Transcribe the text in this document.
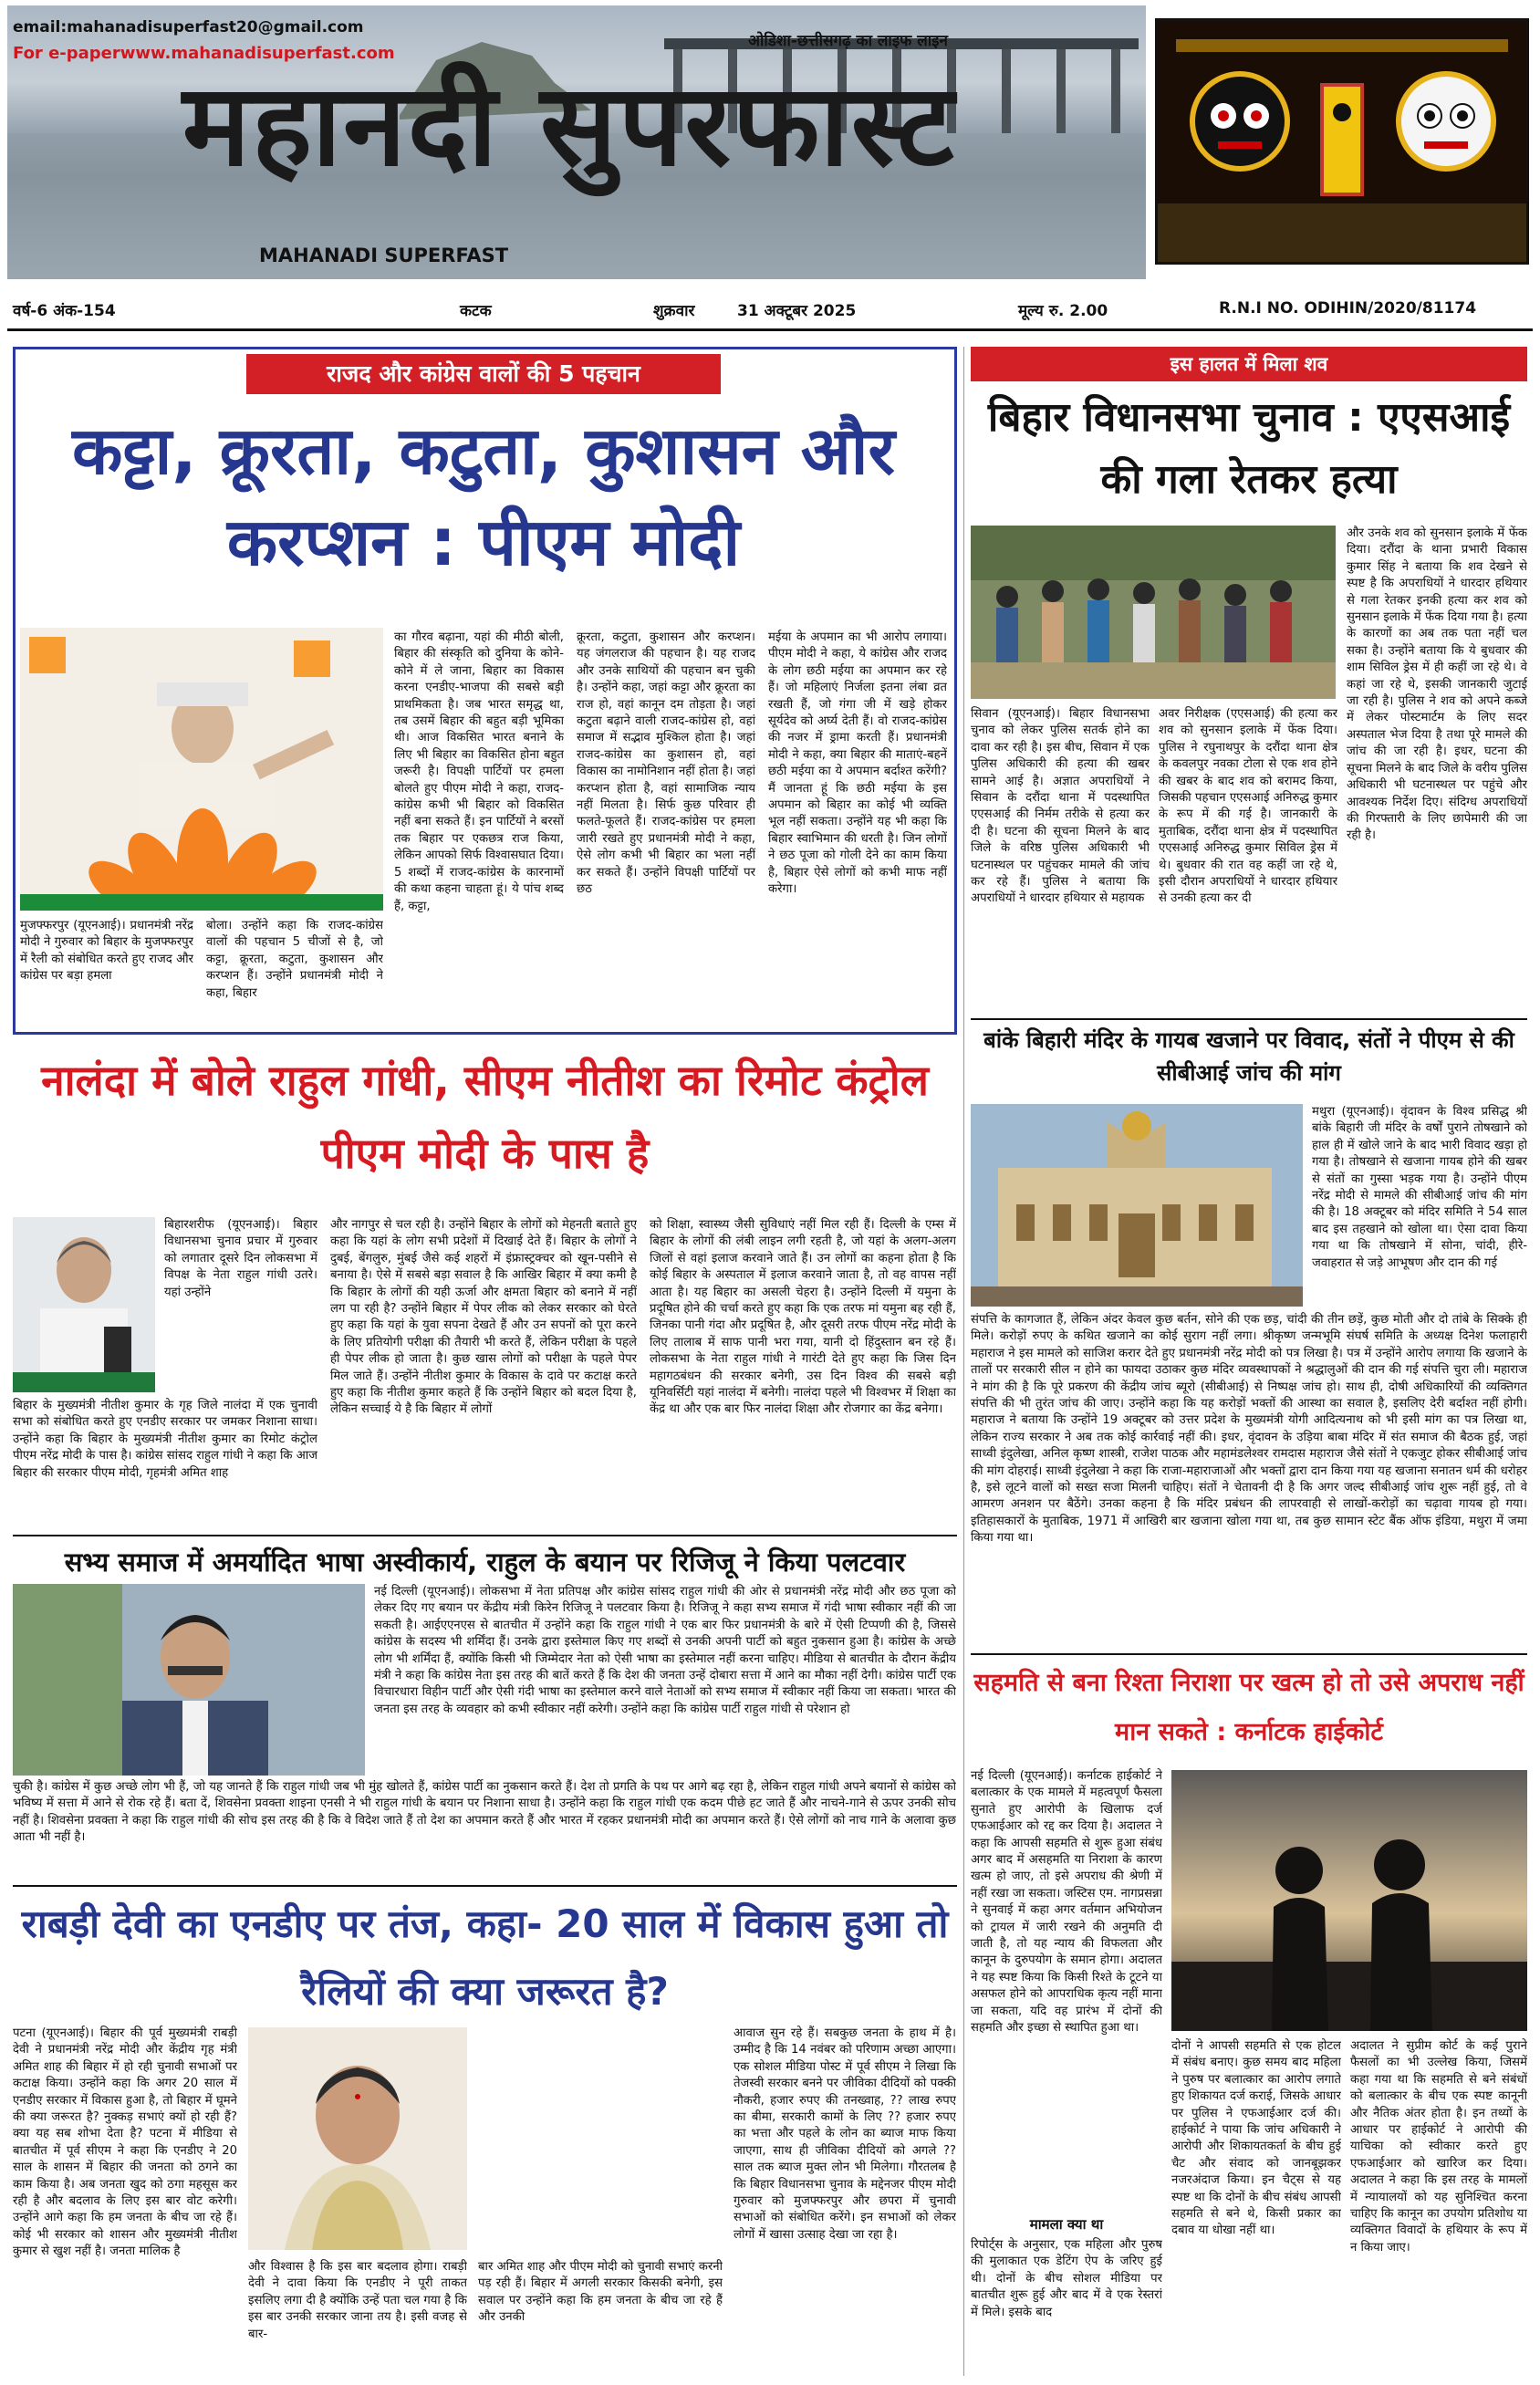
email:mahanadisuperfast20@gmail.com
For e-paperwww.mahanadisuperfast.com
ओडिशा-छत्तीसगढ़ का लाइफ लाइन
महानदी सुपरफास्ट
MAHANADI SUPERFAST
वर्ष-6 अंक-154	कटक	शुक्रवार	31 अक्टूबर 2025	मूल्य रु. 2.00	R.N.I NO. ODIHIN/2020/81174
राजद और कांग्रेस वालों की 5 पहचान
कट्टा, क्रूरता, कटुता, कुशासन और करप्शन : पीएम मोदी
मुजफ्फरपुर (यूएनआई)। प्रधानमंत्री नरेंद्र मोदी ने गुरुवार को बिहार के मुजफ्फरपुर में रैली को संबोधित करते हुए राजद और कांग्रेस पर बड़ा हमला
बोला। उन्होंने कहा कि राजद-कांग्रेस वालों की पहचान 5 चीजों से है, जो कट्टा, क्रूरता, कटुता, कुशासन और करप्शन हैं। उन्होंने प्रधानमंत्री मोदी ने कहा, बिहार
का गौरव बढ़ाना, यहां की मीठी बोली, बिहार की संस्कृति को दुनिया के कोने-कोने में ले जाना, बिहार का विकास करना एनडीए-भाजपा की सबसे बड़ी प्राथमिकता है। जब भारत समृद्ध था, तब उसमें बिहार की बहुत बड़ी भूमिका थी। आज विकसित भारत बनाने के लिए भी बिहार का विकसित होना बहुत जरूरी है। विपक्षी पार्टियों पर हमला बोलते हुए पीएम मोदी ने कहा, राजद-कांग्रेस कभी भी बिहार को विकसित नहीं बना सकते हैं। इन पार्टियों ने बरसों तक बिहार पर एकछत्र राज किया, लेकिन आपको सिर्फ विश्वासघात दिया। 5 शब्दों में राजद-कांग्रेस के कारनामों की कथा कहना चाहता हूं। ये पांच शब्द हैं, कट्टा,
क्रूरता, कटुता, कुशासन और करप्शन। यह जंगलराज की पहचान है। यह राजद और उनके साथियों की पहचान बन चुकी है। उन्होंने कहा, जहां कट्टा और क्रूरता का राज हो, वहां कानून दम तोड़ता है। जहां कटुता बढ़ाने वाली राजद-कांग्रेस हो, वहां समाज में सद्भाव मुश्किल होता है। जहां राजद-कांग्रेस का कुशासन हो, वहां विकास का नामोनिशान नहीं होता है। जहां करप्शन होता है, वहां सामाजिक न्याय नहीं मिलता है। सिर्फ कुछ परिवार ही फलते-फूलते हैं। राजद-कांग्रेस पर हमला जारी रखते हुए प्रधानमंत्री मोदी ने कहा, ऐसे लोग कभी भी बिहार का भला नहीं कर सकते हैं। उन्होंने विपक्षी पार्टियों पर छठ
मईया के अपमान का भी आरोप लगाया। पीएम मोदी ने कहा, ये कांग्रेस और राजद के लोग छठी मईया का अपमान कर रहे हैं। जो महिलाएं निर्जला इतना लंबा व्रत रखती हैं, जो गंगा जी में खड़े होकर सूर्यदेव को अर्घ्य देती हैं। वो राजद-कांग्रेस की नजर में ड्रामा करती हैं। प्रधानमंत्री मोदी ने कहा, क्या बिहार की माताएं-बहनें छठी मईया का ये अपमान बर्दाश्त करेंगी? मैं जानता हूं कि छठी मईया के इस अपमान को बिहार का कोई भी व्यक्ति भूल नहीं सकता। उन्होंने यह भी कहा कि बिहार स्वाभिमान की धरती है। जिन लोगों ने छठ पूजा को गोली देने का काम किया है, बिहार ऐसे लोगों को कभी माफ नहीं करेगा।
इस हालत में मिला शव
बिहार विधानसभा चुनाव : एएसआई की गला रेतकर हत्या
और उनके शव को सुनसान इलाके में फेंक दिया। दरौंदा के थाना प्रभारी विकास कुमार सिंह ने बताया कि शव देखने से स्पष्ट है कि अपराधियों ने धारदार हथियार से गला रेतकर इनकी हत्या कर शव को सुनसान इलाके में फेंक दिया गया है। हत्या के कारणों का अब तक पता नहीं चल सका है। उन्होंने बताया कि ये बुधवार की शाम सिविल ड्रेस में ही कहीं जा रहे थे। वे कहां जा रहे थे, इसकी जानकारी जुटाई जा रही है। पुलिस ने शव को अपने कब्जे में लेकर पोस्टमार्टम के लिए सदर अस्पताल भेज दिया है तथा पूरे मामले की जांच की जा रही है। इधर, घटना की सूचना मिलने के बाद जिले के वरीय पुलिस अधिकारी भी घटनास्थल पर पहुंचे और आवश्यक निर्देश दिए। संदिग्ध अपराधियों की गिरफ्तारी के लिए छापेमारी की जा रही है।
सिवान (यूएनआई)। बिहार विधानसभा चुनाव को लेकर पुलिस सतर्क होने का दावा कर रही है। इस बीच, सिवान में एक पुलिस अधिकारी की हत्या की खबर सामने आई है। अज्ञात अपराधियों ने सिवान के दरौंदा थाना में पदस्थापित एएसआई की निर्मम तरीके से हत्या कर दी है। घटना की सूचना मिलने के बाद जिले के वरिष्ठ पुलिस अधिकारी भी घटनास्थल पर पहुंचकर मामले की जांच कर रहे हैं। पुलिस ने बताया कि अपराधियों ने धारदार हथियार से महायक
अवर निरीक्षक (एएसआई) की हत्या कर शव को सुनसान इलाके में फेंक दिया। पुलिस ने रघुनाथपुर के दरौंदा थाना क्षेत्र के कवलपुर नवका टोला से एक शव होने की खबर के बाद शव को बरामद किया, जिसकी पहचान एएसआई अनिरुद्ध कुमार के रूप में की गई है। जानकारी के मुताबिक, दरौंदा थाना क्षेत्र में पदस्थापित एएसआई अनिरुद्ध कुमार सिविल ड्रेस में थे। बुधवार की रात वह कहीं जा रहे थे, इसी दौरान अपराधियों ने धारदार हथियार से उनकी हत्या कर दी
नालंदा में बोले राहुल गांधी, सीएम नीतीश का रिमोट कंट्रोल पीएम मोदी के पास है
बिहारशरीफ (यूएनआई)। बिहार विधानसभा चुनाव प्रचार में गुरुवार को लगातार दूसरे दिन लोकसभा में विपक्ष के नेता राहुल गांधी उतरे। यहां उन्होंने
बिहार के मुख्यमंत्री नीतीश कुमार के गृह जिले नालंदा में एक चुनावी सभा को संबोधित करते हुए एनडीए सरकार पर जमकर निशाना साधा। उन्होंने कहा कि बिहार के मुख्यमंत्री नीतीश कुमार का रिमोट कंट्रोल पीएम नरेंद्र मोदी के पास है। कांग्रेस सांसद राहुल गांधी ने कहा कि आज बिहार की सरकार पीएम मोदी, गृहमंत्री अमित शाह
और नागपुर से चल रही है। उन्होंने बिहार के लोगों को मेहनती बताते हुए कहा कि यहां के लोग सभी प्रदेशों में दिखाई देते हैं। बिहार के लोगों ने दुबई, बेंगलुरु, मुंबई जैसे कई शहरों में इंफ्रास्ट्रक्चर को खून-पसीने से बनाया है। ऐसे में सबसे बड़ा सवाल है कि आखिर बिहार में क्या कमी है कि बिहार के लोगों की यही ऊर्जा और क्षमता बिहार को बनाने में नहीं लग पा रही है? उन्होंने बिहार में पेपर लीक को लेकर सरकार को घेरते हुए कहा कि यहां के युवा सपना देखते हैं और उन सपनों को पूरा करने के लिए प्रतियोगी परीक्षा की तैयारी भी करते हैं, लेकिन परीक्षा के पहले ही पेपर लीक हो जाता है। कुछ खास लोगों को परीक्षा के पहले पेपर मिल जाते हैं। उन्होंने नीतीश कुमार के विकास के दावे पर कटाक्ष करते हुए कहा कि नीतीश कुमार कहते हैं कि उन्होंने बिहार को बदल दिया है, लेकिन सच्चाई ये है कि बिहार में लोगों
को शिक्षा, स्वास्थ्य जैसी सुविधाएं नहीं मिल रही हैं। दिल्ली के एम्स में बिहार के लोगों की लंबी लाइन लगी रहती है, जो यहां के अलग-अलग जिलों से वहां इलाज करवाने जाते हैं। उन लोगों का कहना होता है कि कोई बिहार के अस्पताल में इलाज करवाने जाता है, तो वह वापस नहीं आता है। यह बिहार का असली चेहरा है। उन्होंने दिल्ली में यमुना के प्रदूषित होने की चर्चा करते हुए कहा कि एक तरफ मां यमुना बह रही हैं, जिनका पानी गंदा और प्रदूषित है, और दूसरी तरफ पीएम नरेंद्र मोदी के लिए तालाब में साफ पानी भरा गया, यानी दो हिंदुस्तान बन रहे हैं। लोकसभा के नेता राहुल गांधी ने गारंटी देते हुए कहा कि जिस दिन महागठबंधन की सरकार बनेगी, उस दिन विश्व की सबसे बड़ी यूनिवर्सिटी यहां नालंदा में बनेगी। नालंदा पहले भी विश्वभर में शिक्षा का केंद्र था और एक बार फिर नालंदा शिक्षा और रोजगार का केंद्र बनेगा।
सभ्य समाज में अमर्यादित भाषा अस्वीकार्य, राहुल के बयान पर रिजिजू ने किया पलटवार
नई दिल्ली (यूएनआई)। लोकसभा में नेता प्रतिपक्ष और कांग्रेस सांसद राहुल गांधी की ओर से प्रधानमंत्री नरेंद्र मोदी और छठ पूजा को लेकर दिए गए बयान पर केंद्रीय मंत्री किरेन रिजिजू ने पलटवार किया है। रिजिजू ने कहा सभ्य समाज में गंदी भाषा स्वीकार नहीं की जा सकती है। आईएएनएस से बातचीत में उन्होंने कहा कि राहुल गांधी ने एक बार फिर प्रधानमंत्री के बारे में ऐसी टिप्पणी की है, जिससे कांग्रेस के सदस्य भी शर्मिंदा हैं। उनके द्वारा इस्तेमाल किए गए शब्दों से उनकी अपनी पार्टी को बहुत नुकसान हुआ है। कांग्रेस के अच्छे लोग भी शर्मिंदा हैं, क्योंकि किसी भी जिम्मेदार नेता को ऐसी भाषा का इस्तेमाल नहीं करना चाहिए। मीडिया से बातचीत के दौरान केंद्रीय मंत्री ने कहा कि कांग्रेस नेता इस तरह की बातें करते हैं कि देश की जनता उन्हें दोबारा सत्ता में आने का मौका नहीं देगी। कांग्रेस पार्टी एक विचारधारा विहीन पार्टी और ऐसी गंदी भाषा का इस्तेमाल करने वाले नेताओं को सभ्य समाज में स्वीकार नहीं किया जा सकता। भारत की जनता इस तरह के व्यवहार को कभी स्वीकार नहीं करेगी। उन्होंने कहा कि कांग्रेस पार्टी राहुल गांधी से परेशान हो
चुकी है। कांग्रेस में कुछ अच्छे लोग भी हैं, जो यह जानते हैं कि राहुल गांधी जब भी मुंह खोलते हैं, कांग्रेस पार्टी का नुकसान करते हैं। देश तो प्रगति के पथ पर आगे बढ़ रहा है, लेकिन राहुल गांधी अपने बयानों से कांग्रेस को भविष्य में सत्ता में आने से रोक रहे हैं। बता दें, शिवसेना प्रवक्ता शाइना एनसी ने भी राहुल गांधी के बयान पर निशाना साधा है। उन्होंने कहा कि राहुल गांधी एक कदम पीछे हट जाते हैं और नाचने-गाने से ऊपर उनकी सोच नहीं है। शिवसेना प्रवक्ता ने कहा कि राहुल गांधी की सोच इस तरह की है कि वे विदेश जाते हैं तो देश का अपमान करते हैं और भारत में रहकर प्रधानमंत्री मोदी का अपमान करते हैं। ऐसे लोगों को नाच गाने के अलावा कुछ आता भी नहीं है।
राबड़ी देवी का एनडीए पर तंज, कहा- 20 साल में विकास हुआ तो रैलियों की क्या जरूरत है?
पटना (यूएनआई)। बिहार की पूर्व मुख्यमंत्री राबड़ी देवी ने प्रधानमंत्री नरेंद्र मोदी और केंद्रीय गृह मंत्री अमित शाह की बिहार में हो रही चुनावी सभाओं पर कटाक्ष किया। उन्होंने कहा कि अगर 20 साल में एनडीए सरकार में विकास हुआ है, तो बिहार में घूमने की क्या जरूरत है? नुक्कड़ सभाएं क्यों हो रही हैं? क्या यह सब शोभा देता है? पटना में मीडिया से बातचीत में पूर्व सीएम ने कहा कि एनडीए ने 20 साल के शासन में बिहार की जनता को ठगने का काम किया है। अब जनता खुद को ठगा महसूस कर रही है और बदलाव के लिए इस बार वोट करेगी। उन्होंने आगे कहा कि हम जनता के बीच जा रहे हैं। कोई भी सरकार को शासन और मुख्यमंत्री नीतीश कुमार से खुश नहीं है। जनता मालिक है
और विश्वास है कि इस बार बदलाव होगा। राबड़ी देवी ने दावा किया कि एनडीए ने पूरी ताकत इसलिए लगा दी है क्योंकि उन्हें पता चल गया है कि इस बार उनकी सरकार जाना तय है। इसी वजह से बार-
बार अमित शाह और पीएम मोदी को चुनावी सभाएं करनी पड़ रही हैं। बिहार में अगली सरकार किसकी बनेगी, इस सवाल पर उन्होंने कहा कि हम जनता के बीच जा रहे हैं और उनकी
आवाज सुन रहे हैं। सबकुछ जनता के हाथ में है। उम्मीद है कि 14 नवंबर को परिणाम अच्छा आएगा। एक सोशल मीडिया पोस्ट में पूर्व सीएम ने लिखा कि तेजस्वी सरकार बनने पर जीविका दीदियों को पक्की नौकरी, हजार रुपए की तनख्वाह, ?? लाख रुपए का बीमा, सरकारी कामों के लिए ?? हजार रुपए का भत्ता और पहले के लोन का ब्याज माफ किया जाएगा, साथ ही जीविका दीदियों को अगले ?? साल तक ब्याज मुक्त लोन भी मिलेगा। गौरतलब है कि बिहार विधानसभा चुनाव के मद्देनजर पीएम मोदी गुरुवार को मुजफ्फरपुर और छपरा में चुनावी सभाओं को संबोधित करेंगे। इन सभाओं को लेकर लोगों में खासा उत्साह देखा जा रहा है।
बांके बिहारी मंदिर के गायब खजाने पर विवाद, संतों ने पीएम से की सीबीआई जांच की मांग
मथुरा (यूएनआई)। वृंदावन के विश्व प्रसिद्ध श्री बांके बिहारी जी मंदिर के वर्षों पुराने तोषखाने को हाल ही में खोले जाने के बाद भारी विवाद खड़ा हो गया है। तोषखाने से खजाना गायब होने की खबर से संतों का गुस्सा भड़क गया है। उन्होंने पीएम नरेंद्र मोदी से मामले की सीबीआई जांच की मांग की है। 18 अक्टूबर को मंदिर समिति ने 54 साल बाद इस तहखाने को खोला था। ऐसा दावा किया गया था कि तोषखाने में सोना, चांदी, हीरे-जवाहरात से जड़े आभूषण और दान की गई
संपत्ति के कागजात हैं, लेकिन अंदर केवल कुछ बर्तन, सोने की एक छड़, चांदी की तीन छड़ें, कुछ मोती और दो तांबे के सिक्के ही मिले। करोड़ों रुपए के कथित खजाने का कोई सुराग नहीं लगा। श्रीकृष्ण जन्मभूमि संघर्ष समिति के अध्यक्ष दिनेश फलाहारी महाराज ने इस मामले को साजिश करार देते हुए प्रधानमंत्री नरेंद्र मोदी को पत्र लिखा है। पत्र में उन्होंने आरोप लगाया कि खजाने के तालों पर सरकारी सील न होने का फायदा उठाकर कुछ मंदिर व्यवस्थापकों ने श्रद्धालुओं की दान की गई संपत्ति चुरा ली। महाराज ने मांग की है कि पूरे प्रकरण की केंद्रीय जांच ब्यूरो (सीबीआई) से निष्पक्ष जांच हो। साथ ही, दोषी अधिकारियों की व्यक्तिगत संपत्ति की भी तुरंत जांच की जाए। उन्होंने कहा कि यह करोड़ों भक्तों की आस्था का सवाल है, इसलिए देरी बर्दाश्त नहीं होगी। महाराज ने बताया कि उन्होंने 19 अक्टूबर को उत्तर प्रदेश के मुख्यमंत्री योगी आदित्यनाथ को भी इसी मांग का पत्र लिखा था, लेकिन राज्य सरकार ने अब तक कोई कार्रवाई नहीं की। इधर, वृंदावन के उड़िया बाबा मंदिर में संत समाज की बैठक हुई, जहां साध्वी इंदुलेखा, अनिल कृष्ण शास्त्री, राजेश पाठक और महामंडलेश्वर रामदास महाराज जैसे संतों ने एकजुट होकर सीबीआई जांच की मांग दोहराई। साध्वी इंदुलेखा ने कहा कि राजा-महाराजाओं और भक्तों द्वारा दान किया गया यह खजाना सनातन धर्म की धरोहर है, इसे लूटने वालों को सख्त सजा मिलनी चाहिए। संतों ने चेतावनी दी है कि अगर जल्द सीबीआई जांच शुरू नहीं हुई, तो वे आमरण अनशन पर बैठेंगे। उनका कहना है कि मंदिर प्रबंधन की लापरवाही से लाखों-करोड़ों का चढ़ावा गायब हो गया। इतिहासकारों के मुताबिक, 1971 में आखिरी बार खजाना खोला गया था, तब कुछ सामान स्टेट बैंक ऑफ इंडिया, मथुरा में जमा किया गया था।
सहमति से बना रिश्ता निराशा पर खत्म हो तो उसे अपराध नहीं मान सकते : कर्नाटक हाईकोर्ट
नई दिल्ली (यूएनआई)। कर्नाटक हाईकोर्ट ने बलात्कार के एक मामले में महत्वपूर्ण फैसला सुनाते हुए आरोपी के खिलाफ दर्ज एफआईआर को रद्द कर दिया है। अदालत ने कहा कि आपसी सहमति से शुरू हुआ संबंध अगर बाद में असहमति या निराशा के कारण खत्म हो जाए, तो इसे अपराध की श्रेणी में नहीं रखा जा सकता। जस्टिस एम. नागप्रसन्ना ने सुनवाई में कहा अगर वर्तमान अभियोजन को ट्रायल में जारी रखने की अनुमति दी जाती है, तो यह न्याय की विफलता और कानून के दुरुपयोग के समान होगा। अदालत ने यह स्पष्ट किया कि किसी रिश्ते के टूटने या असफल होने को आपराधिक कृत्य नहीं माना जा सकता, यदि वह प्रारंभ में दोनों की सहमति और इच्छा से स्थापित हुआ था।
मामला क्या था
रिपोर्ट्स के अनुसार, एक महिला और पुरुष की मुलाकात एक डेटिंग ऐप के जरिए हुई थी। दोनों के बीच सोशल मीडिया पर बातचीत शुरू हुई और बाद में वे एक रेस्तरां में मिले। इसके बाद
दोनों ने आपसी सहमति से एक होटल में संबंध बनाए। कुछ समय बाद महिला ने पुरुष पर बलात्कार का आरोप लगाते हुए शिकायत दर्ज कराई, जिसके आधार पर पुलिस ने एफआईआर दर्ज की। हाईकोर्ट ने पाया कि जांच अधिकारी ने आरोपी और शिकायतकर्ता के बीच हुई चैट और संवाद को जानबूझकर नजरअंदाज किया। इन चैट्स से यह स्पष्ट था कि दोनों के बीच संबंध आपसी सहमति से बने थे, किसी प्रकार का दबाव या धोखा नहीं था।
अदालत ने सुप्रीम कोर्ट के कई पुराने फैसलों का भी उल्लेख किया, जिसमें कहा गया था कि सहमति से बने संबंधों को बलात्कार के बीच एक स्पष्ट कानूनी और नैतिक अंतर होता है। इन तथ्यों के आधार पर हाईकोर्ट ने आरोपी की याचिका को स्वीकार करते हुए एफआईआर को खारिज कर दिया। अदालत ने कहा कि इस तरह के मामलों में न्यायालयों को यह सुनिश्चित करना चाहिए कि कानून का उपयोग प्रतिशोध या व्यक्तिगत विवादों के हथियार के रूप में न किया जाए।
